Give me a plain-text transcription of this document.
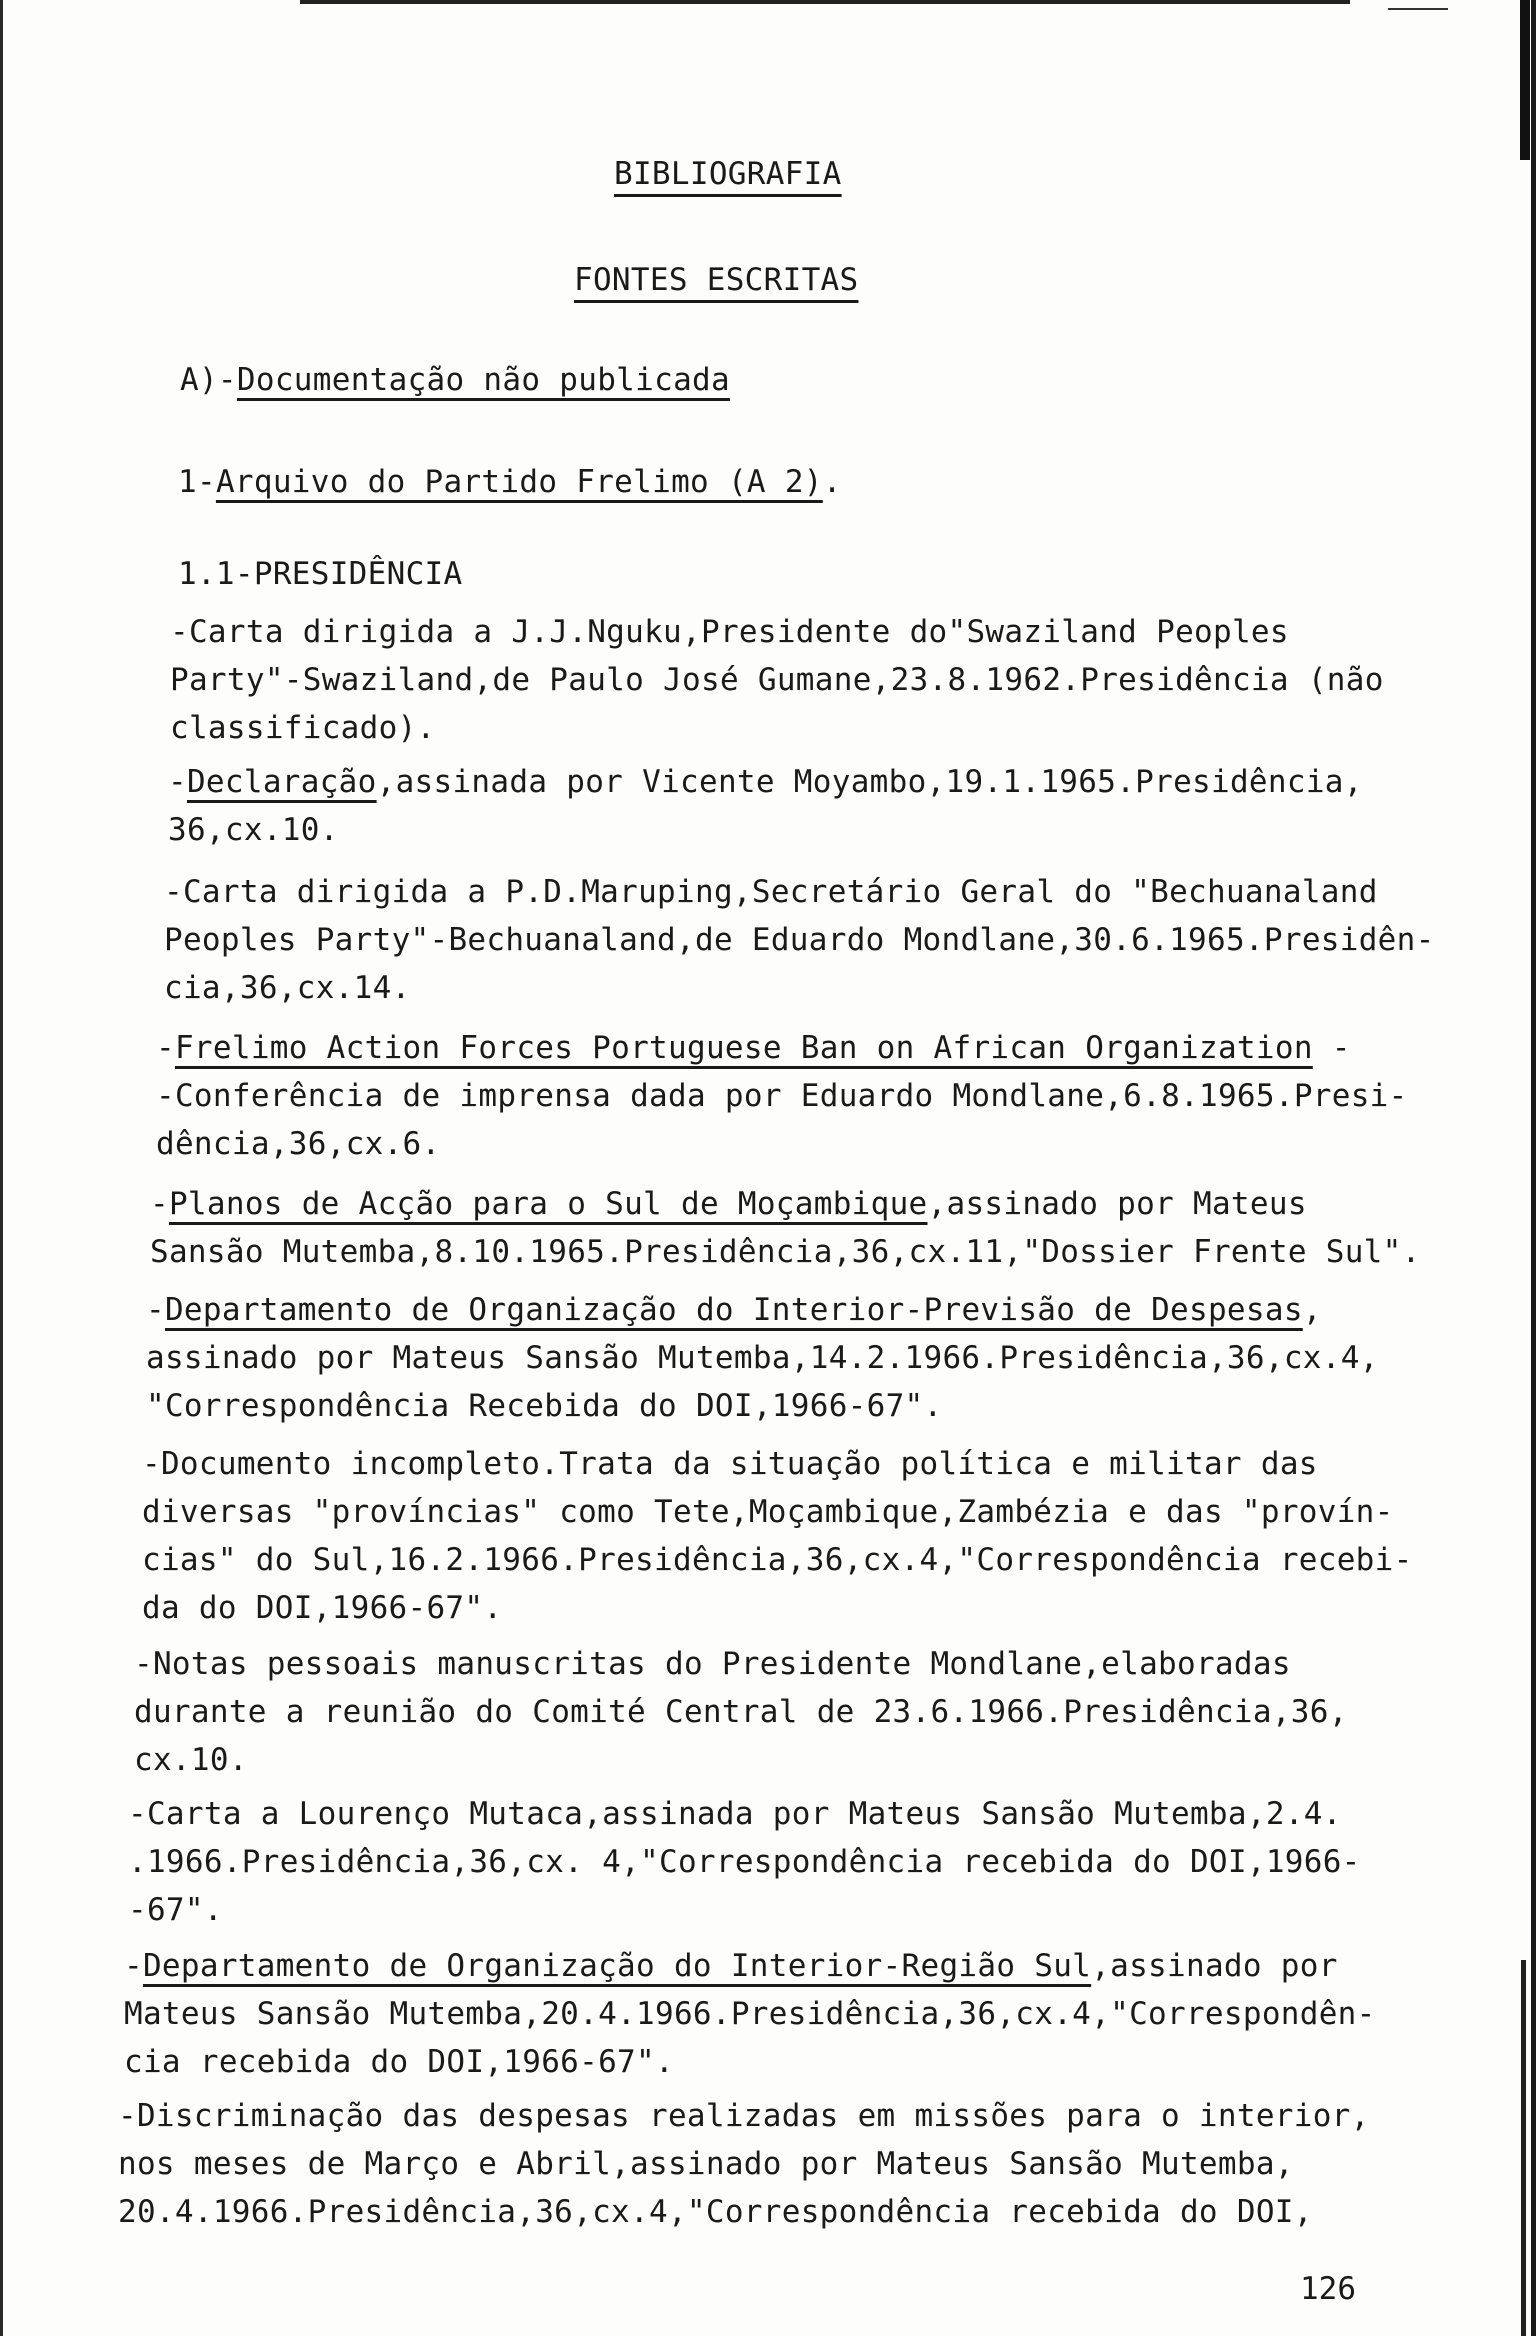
BIBLIOGRAFIA
FONTES ESCRITAS
A)-Documentação não publicada
1-Arquivo do Partido Frelimo (A 2).
1.1-PRESIDÊNCIA
-Carta dirigida a J.J.Nguku,Presidente do"Swaziland Peoples
Party"-Swaziland,de Paulo José Gumane,23.8.1962.Presidência (não
classificado).
-Declaração,assinada por Vicente Moyambo,19.1.1965.Presidência,
36,cx.10.
-Carta dirigida a P.D.Maruping,Secretário Geral do "Bechuanaland
Peoples Party"-Bechuanaland,de Eduardo Mondlane,30.6.1965.Presidên-
cia,36,cx.14.
-Frelimo Action Forces Portuguese Ban on African Organization -
-Conferência de imprensa dada por Eduardo Mondlane,6.8.1965.Presi-
dência,36,cx.6.
-Planos de Acção para o Sul de Moçambique,assinado por Mateus
Sansão Mutemba,8.10.1965.Presidência,36,cx.11,"Dossier Frente Sul".
-Departamento de Organização do Interior-Previsão de Despesas,
assinado por Mateus Sansão Mutemba,14.2.1966.Presidência,36,cx.4,
"Correspondência Recebida do DOI,1966-67".
-Documento incompleto.Trata da situação política e militar das
diversas "províncias" como Tete,Moçambique,Zambézia e das "provín-
cias" do Sul,16.2.1966.Presidência,36,cx.4,"Correspondência recebi-
da do DOI,1966-67".
-Notas pessoais manuscritas do Presidente Mondlane,elaboradas
durante a reunião do Comité Central de 23.6.1966.Presidência,36,
cx.10.
-Carta a Lourenço Mutaca,assinada por Mateus Sansão Mutemba,2.4.
.1966.Presidência,36,cx. 4,"Correspondência recebida do DOI,1966-
-67".
-Departamento de Organização do Interior-Região Sul,assinado por
Mateus Sansão Mutemba,20.4.1966.Presidência,36,cx.4,"Correspondên-
cia recebida do DOI,1966-67".
-Discriminação das despesas realizadas em missões para o interior,
nos meses de Março e Abril,assinado por Mateus Sansão Mutemba,
20.4.1966.Presidência,36,cx.4,"Correspondência recebida do DOI,
126
